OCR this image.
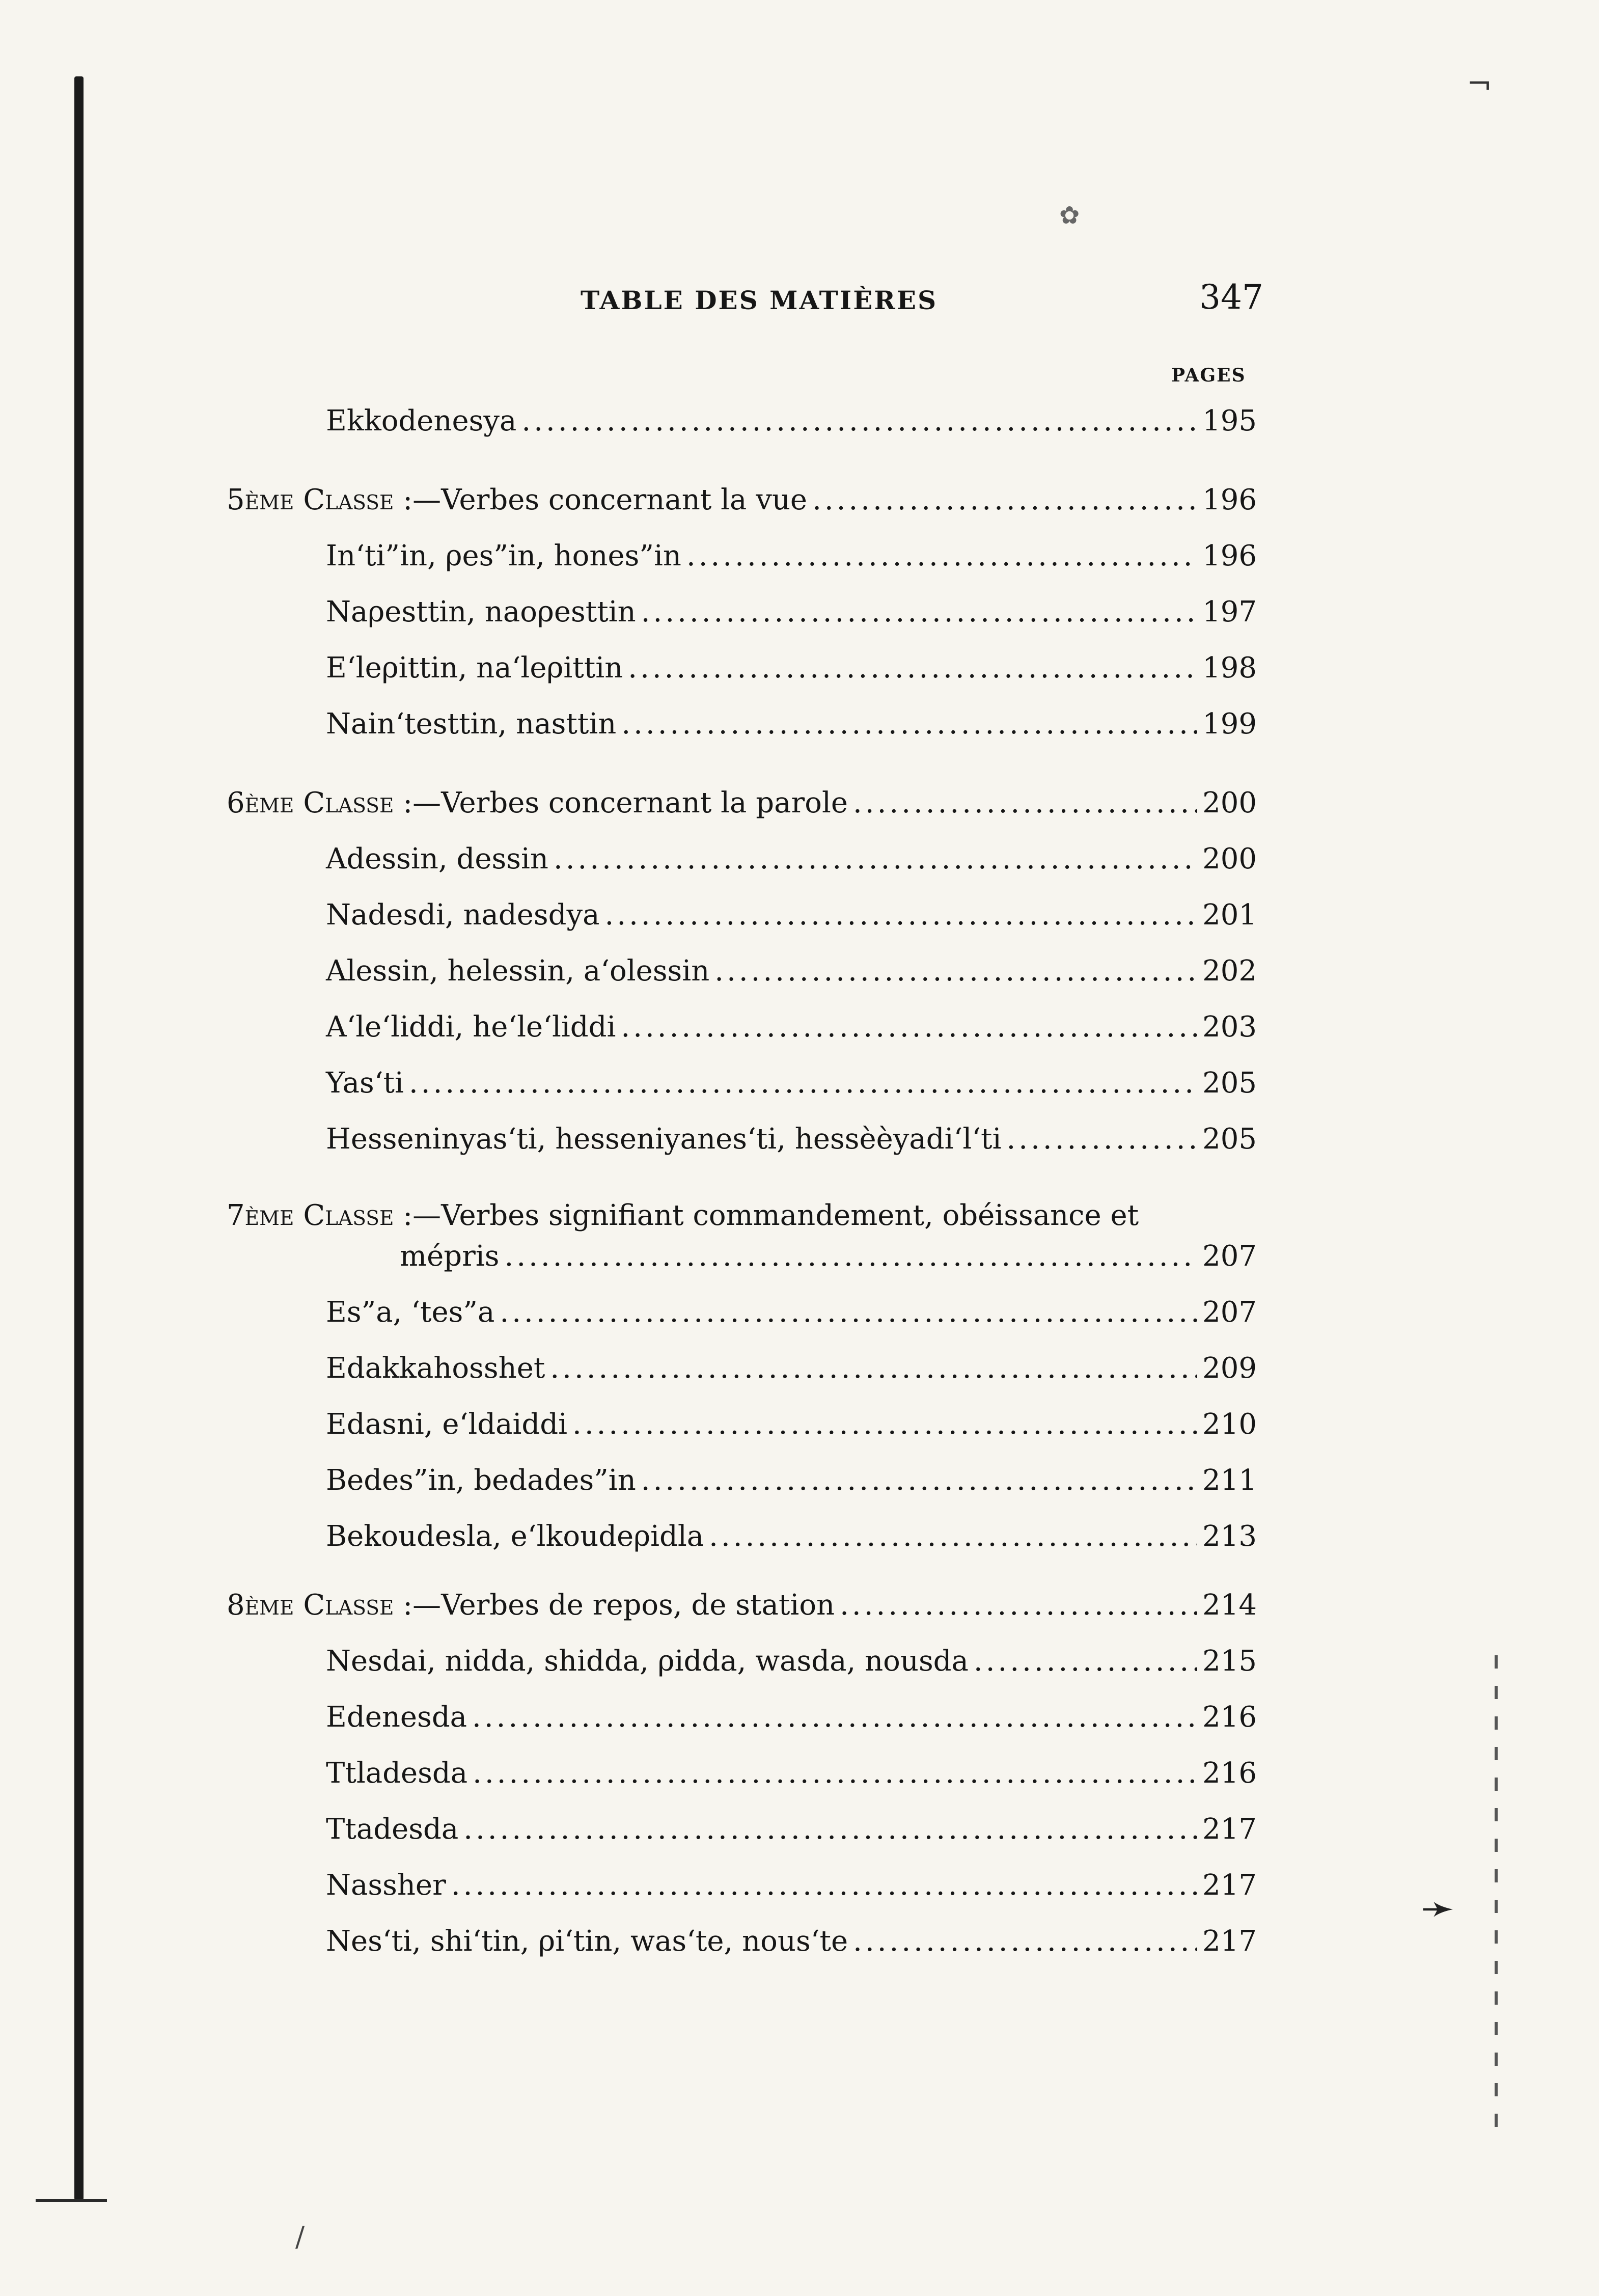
¬
➛
✿
/
TABLE DES MATIÈRES	347
PAGES
Ekkodenesya .....	195
5ème Classe :—Verbes concernant la vue .....	196
In‘ti”in, ρes”in, hones”in .....	196
Naρesttin, naoρesttin .....	197
E‘leρittin, na‘leρittin .....	198
Nain‘testtin, nasttin .....	199
6ème Classe :—Verbes concernant la parole .....	200
Adessin, dessin .....	200
Nadesdi, nadesdya .....	201
Alessin, helessin, a‘olessin .....	202
A‘le‘liddi, he‘le‘liddi .....	203
Yas‘ti .....	205
Hesseninyas‘ti, hesseniyanes‘ti, hessèèyadi‘l‘ti .....	205
7ème Classe :—Verbes signifiant commandement, obéissance et
mépris .....	207
Es”a, ‘tes”a .....	207
Edakkahosshet .....	209
Edasni, e‘ldaiddi .....	210
Bedes”in, bedades”in .....	211
Bekoudesla, e‘lkoudeρidla .....	213
8ème Classe :—Verbes de repos, de station .....	214
Nesdai, nidda, shidda, ρidda, wasda, nousda .....	215
Edenesda .....	216
Ttladesda .....	216
Ttadesda .....	217
Nassher .....	217
Nes‘ti, shi‘tin, ρi‘tin, was‘te, nous‘te .....	217
